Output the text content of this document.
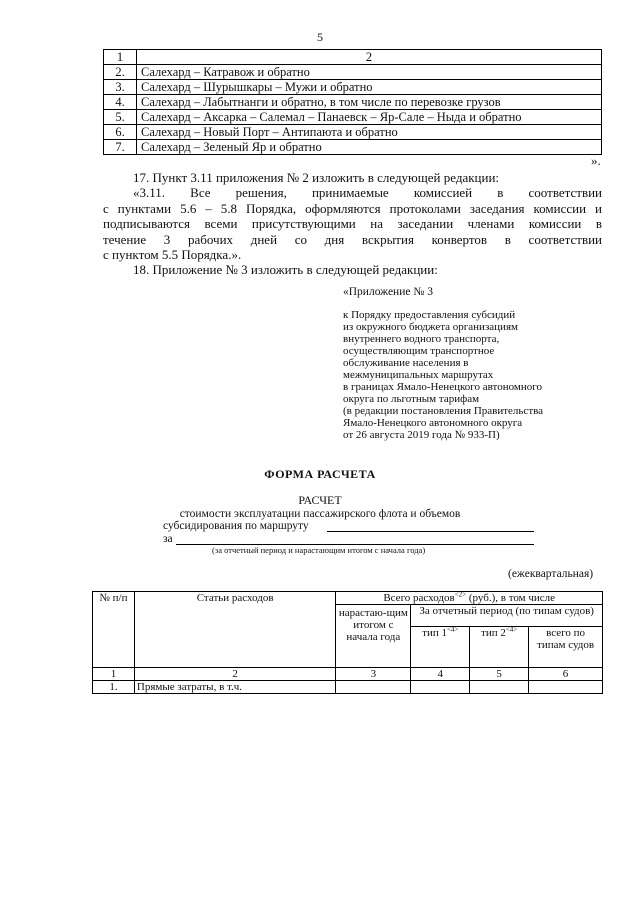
5
1	2
2.	Салехард – Катравож и обратно
3.	Салехард – Шурышкары – Мужи и обратно
4.	Салехард – Лабытнанги и обратно, в том числе по перевозке грузов
5.	Салехард – Аксарка – Салемал – Панаевск – Яр-Сале – Ныда и обратно
6.	Салехард – Новый Порт – Антипаюта и обратно
7.	Салехард – Зеленый Яр и обратно
».
17. Пункт 3.11 приложения № 2 изложить в следующей редакции:
«3.11. Все решения, принимаемые комиссией в соответствии
с пунктами 5.6 – 5.8 Порядка, оформляются протоколами заседания комиссии и
подписываются всеми присутствующими на заседании членами комиссии в
течение 3 рабочих дней со дня вскрытия конвертов в соответствии
с пунктом 5.5 Порядка.».
18. Приложение № 3 изложить в следующей редакции:
«Приложение № 3
к Порядку предоставления субсидий
из окружного бюджета организациям
внутреннего водного транспорта,
осуществляющим транспортное
обслуживание населения в
межмуниципальных маршрутах
в границах Ямало-Ненецкого автономного
округа по льготным тарифам
(в редакции постановления Правительства
Ямало-Ненецкого автономного округа
от 26 августа 2019 года № 933-П)
ФОРМА РАСЧЕТА
РАСЧЕТ
стоимости эксплуатации пассажирского флота и объемов
субсидирования по маршруту
за
(за отчетный период и нарастающим итогом с начала года)
(ежеквартальная)
№ п/п	Статьи расходов	Всего расходов$^{<2>}$ (руб.), в том числе			
		нарастаю-щим итогом с начала года	За отчетный период (по типам судов)		
			тип $1^{<4>}$	тип $2^{<4>}$	всего по типам судов
1	2	3	4	5	6
1.	Прямые затраты, в т.ч.				
